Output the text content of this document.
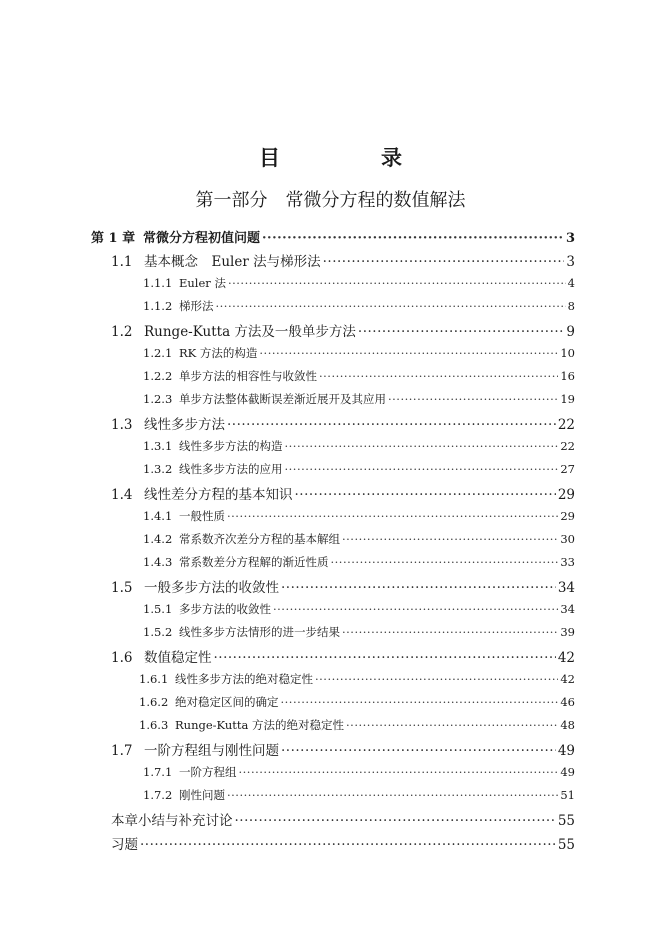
目　录
第一部分　常微分方程的数值解法
第 1 章 常微分方程初值问题 ·····	3
1.1 基本概念　Euler 法与梯形法 ·····	3
1.1.1 Euler 法 ·····	4
1.1.2 梯形法 ·····	8
1.2 Runge-Kutta 方法及一般单步方法 ·····	9
1.2.1 RK 方法的构造 ·····	10
1.2.2 单步方法的相容性与收敛性 ·····	16
1.2.3 单步方法整体截断误差渐近展开及其应用 ·····	19
1.3 线性多步方法 ·····	22
1.3.1 线性多步方法的构造 ·····	22
1.3.2 线性多步方法的应用 ·····	27
1.4 线性差分方程的基本知识 ·····	29
1.4.1 一般性质 ·····	29
1.4.2 常系数齐次差分方程的基本解组 ·····	30
1.4.3 常系数差分方程解的渐近性质 ·····	33
1.5 一般多步方法的收敛性 ·····	34
1.5.1 多步方法的收敛性 ·····	34
1.5.2 线性多步方法情形的进一步结果 ·····	39
1.6 数值稳定性 ·····	42
1.6.1 线性多步方法的绝对稳定性 ·····	42
1.6.2 绝对稳定区间的确定 ·····	46
1.6.3 Runge-Kutta 方法的绝对稳定性 ·····	48
1.7 一阶方程组与刚性问题 ·····	49
1.7.1 一阶方程组 ·····	49
1.7.2 刚性问题 ·····	51
本章小结与补充讨论 ·····	55
习题 ·····	55
